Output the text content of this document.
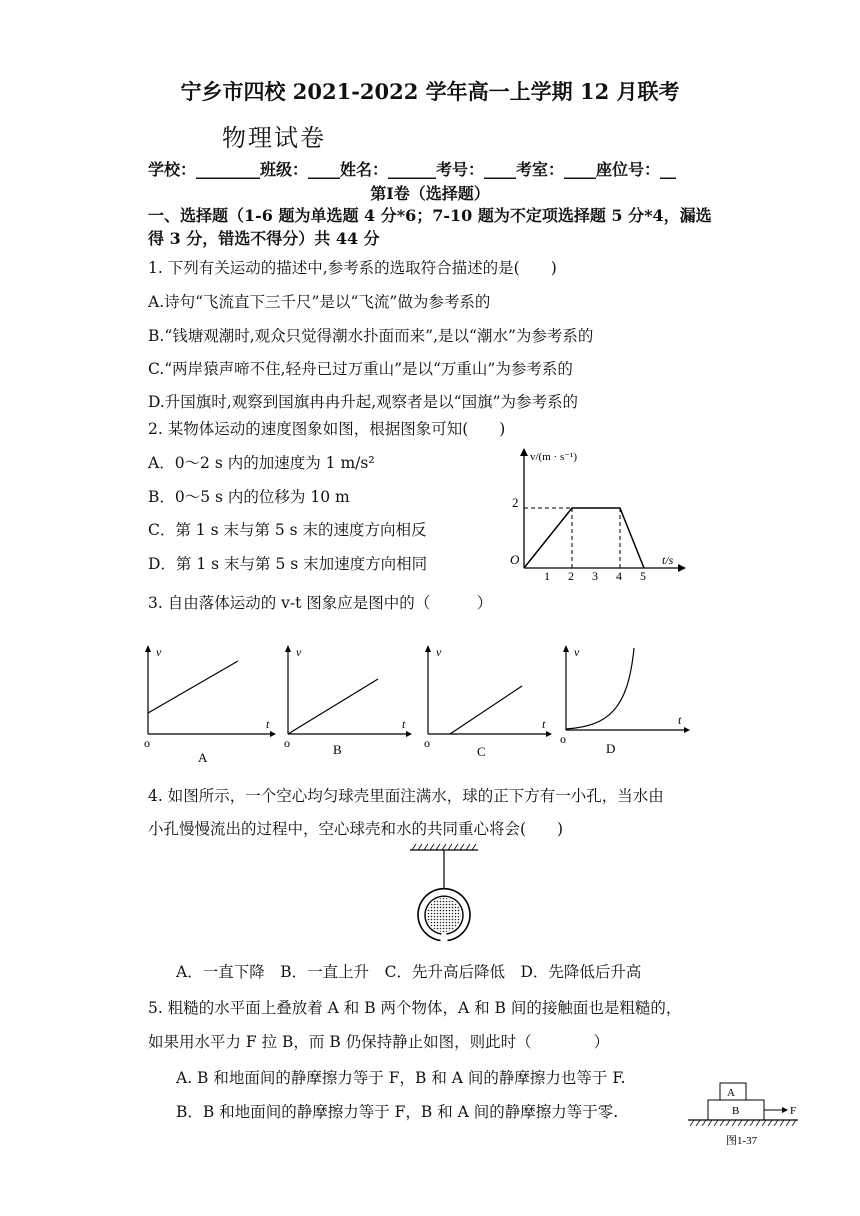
宁乡市四校 2021-2022 学年高一上学期 12 月联考
物理试卷
学校：________班级：____姓名：______考号：____考室：____座位号：__
第Ⅰ卷（选择题）
一、选择题（1-6 题为单选题 4 分*6；7-10 题为不定项选择题 5 分*4，漏选得 3 分，错选不得分）共 44 分
1. 下列有关运动的描述中,参考系的选取符合描述的是(　　)
A.诗句“飞流直下三千尺”是以“飞流”做为参考系的
B.“钱塘观潮时,观众只觉得潮水扑面而来”,是以“潮水”为参考系的
C.“两岸猿声啼不住,轻舟已过万重山”是以“万重山”为参考系的
D.升国旗时,观察到国旗冉冉升起,观察者是以“国旗”为参考系的
2. 某物体运动的速度图象如图，根据图象可知(　　)
A．0～2 s 内的加速度为 1 m/s²
B．0～5 s 内的位移为 10 m
C．第 1 s 末与第 5 s 末的速度方向相反
D．第 1 s 末与第 5 s 末加速度方向相同
v/(m · s⁻¹)
t/s
O
2
1 2 3 4 5
3. 自由落体运动的 v-t 图象应是图中的（　　　）
v
t
o
A
v
t
o	B
v
t
o
C
v
t
o
D
4. 如图所示，一个空心均匀球壳里面注满水，球的正下方有一小孔，当水由
小孔慢慢流出的过程中，空心球壳和水的共同重心将会(　　)
A．一直下降　B．一直上升　C．先升高后降低　D．先降低后升高
5. 粗糙的水平面上叠放着 A 和 B 两个物体，A 和 B 间的接触面也是粗糙的，
如果用水平力 F 拉 B，而 B 仍保持静止如图，则此时（　　　　）
A. B 和地面间的静摩擦力等于 F，B 和 A 间的静摩擦力也等于 F.
B．B 和地面间的静摩擦力等于 F，B 和 A 间的静摩擦力等于零.
A
B	F
图1-37
